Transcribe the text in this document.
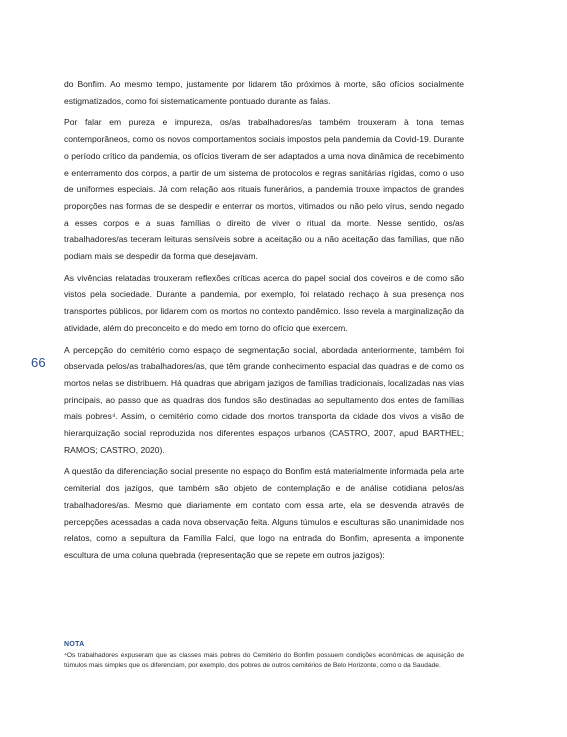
66

do Bonfim. Ao mesmo tempo, justamente por lidarem tão próximos à morte, são ofícios socialmente estigmatizados, como foi sistematicamente pontuado durante as falas.

Por falar em pureza e impureza, os/as trabalhadores/as também trouxeram à tona temas contemporâneos, como os novos comportamentos sociais impostos pela pandemia da Covid-19. Durante o período crítico da pandemia, os ofícios tiveram de ser adaptados a uma nova dinâmica de recebimento e enterramento dos corpos, a partir de um sistema de protocolos e regras sanitárias rígidas, como o uso de uniformes especiais. Já com relação aos rituais funerários, a pandemia trouxe impactos de grandes proporções nas formas de se despedir e enterrar os mortos, vitimados ou não pelo vírus, sendo negado a esses corpos e a suas famílias o direito de viver o ritual da morte. Nesse sentido, os/as trabalhadores/as teceram leituras sensíveis sobre a aceitação ou a não aceitação das famílias, que não podiam mais se despedir da forma que desejavam.

As vivências relatadas trouxeram reflexões críticas acerca do papel social dos coveiros e de como são vistos pela sociedade. Durante a pandemia, por exemplo, foi relatado rechaço à sua presença nos transportes públicos, por lidarem com os mortos no contexto pandêmico. Isso revela a marginalização da atividade, além do preconceito e do medo em torno do ofício que exercem.

A percepção do cemitério como espaço de segmentação social, abordada anteriormente, também foi observada pelos/as trabalhadores/as, que têm grande conhecimento espacial das quadras e de como os mortos nelas se distribuem. Há quadras que abrigam jazigos de famílias tradicionais, localizadas nas vias principais, ao passo que as quadras dos fundos são destinadas ao sepultamento dos entes de famílias mais pobres⁴. Assim, o cemitério como cidade dos mortos transporta da cidade dos vivos a visão de hierarquização social reproduzida nos diferentes espaços urbanos (CASTRO, 2007, apud BARTHEL; RAMOS; CASTRO, 2020).

A questão da diferenciação social presente no espaço do Bonfim está materialmente informada pela arte cemiterial dos jazigos, que também são objeto de contemplação e de análise cotidiana pelos/as trabalhadores/as. Mesmo que diariamente em contato com essa arte, ela se desvenda através de percepções acessadas a cada nova observação feita. Alguns túmulos e esculturas são unanimidade nos relatos, como a sepultura da Família Falci, que logo na entrada do Bonfim, apresenta a imponente escultura de uma coluna quebrada (representação que se repete em outros jazigos):

NOTA

⁴Os trabalhadores expuseram que as classes mais pobres do Cemitério do Bonfim possuem condições econômicas de aquisição de túmulos mais simples que os diferenciam, por exemplo, dos pobres de outros cemitérios de Belo Horizonte, como o da Saudade.
